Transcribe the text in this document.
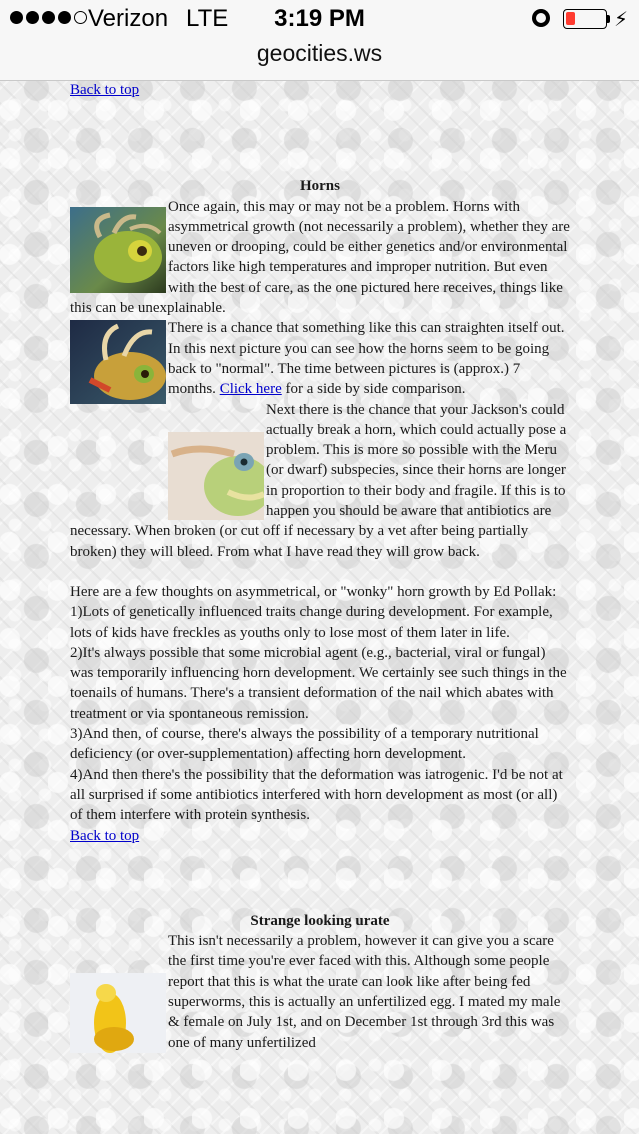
Verizon LTE	3:19 PM	⚡︎
geocities.ws
Back to top
Horns
Once again, this may or may not be a problem. Horns with asymmetrical growth (not necessarily a problem), whether they are uneven or drooping, could be either genetics and/or environmental factors like high temperatures and improper nutrition. But even with the best of care, as the one pictured here receives, things like this can be unexplainable.
There is a chance that something like this can straighten itself out. In this next picture you can see how the horns seem to be going back to "normal". The time between pictures is (approx.) 7 months. Click here for a side by side comparison.
Next there is the chance that your Jackson's could actually break a horn, which could actually pose a problem. This is more so possible with the Meru (or dwarf) subspecies, since their horns are longer in proportion to their body and fragile. If this is to happen you should be aware that antibiotics are necessary. When broken (or cut off if necessary by a vet after being partially broken) they will bleed. From what I have read they will grow back.
Here are a few thoughts on asymmetrical, or "wonky" horn growth by Ed Pollak:
1)Lots of genetically influenced traits change during development. For example, lots of kids have freckles as youths only to lose most of them later in life.
2)It's always possible that some microbial agent (e.g., bacterial, viral or fungal) was temporarily influencing horn development. We certainly see such things in the toenails of humans. There's a transient deformation of the nail which abates with treatment or via spontaneous remission.
3)And then, of course, there's always the possibility of a temporary nutritional deficiency (or over-supplementation) affecting horn development.
4)And then there's the possibility that the deformation was iatrogenic. I'd be not at all surprised if some antibiotics interfered with horn development as most (or all) of them interfere with protein synthesis.
Back to top
Strange looking urate
This isn't necessarily a problem, however it can give you a scare the first time you're ever faced with this. Although some people report that this is what the urate can look like after being fed superworms, this is actually an unfertilized egg. I mated my male & female on July 1st, and on December 1st through 3rd this was one of many unfertilized
